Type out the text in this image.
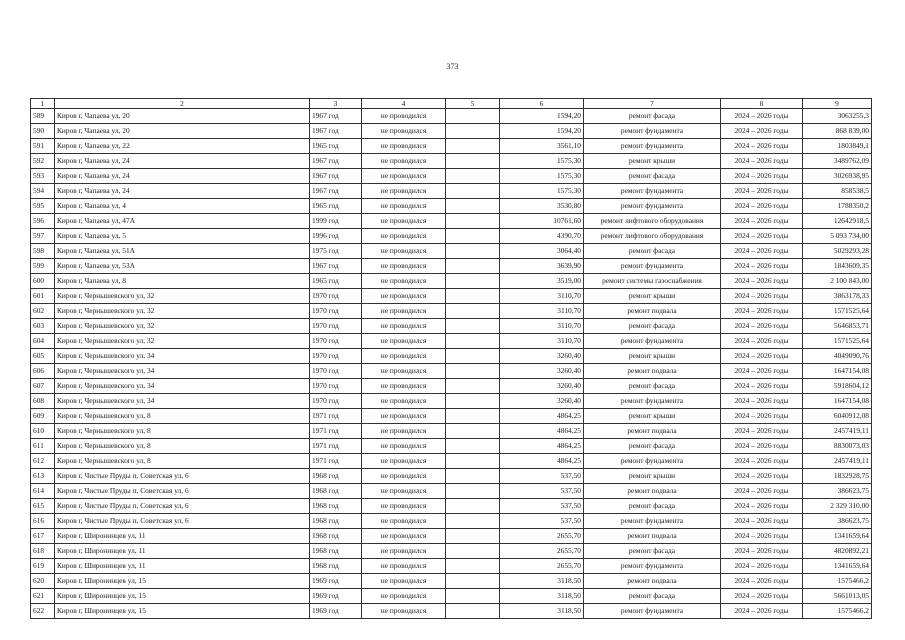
373
1	2	3	4	5	6	7	8	9
589	Киров г, Чапаева ул, 20	1967 год	не проводился		1594,20	ремонт фасада	2024 – 2026 годы	3063255,3
590	Киров г, Чапаева ул, 20	1967 год	не проводился		1594,20	ремонт фундамента	2024 – 2026 годы	868 839,00
591	Киров г, Чапаева ул, 22	1965 год	не проводился		3561,10	ремонт фундамента	2024 – 2026 годы	1803849,1
592	Киров г, Чапаева ул, 24	1967 год	не проводился		1575,30	ремонт крыши	2024 – 2026 годы	3489762,09
593	Киров г, Чапаева ул, 24	1967 год	не проводился		1575,30	ремонт фасада	2024 – 2026 годы	3026938,95
594	Киров г, Чапаева ул, 24	1967 год	не проводился		1575,30	ремонт фундамента	2024 – 2026 годы	858538,5
595	Киров г, Чапаева ул, 4	1965 год	не проводился		3530,80	ремонт фундамента	2024 – 2026 годы	1788350,2
596	Киров г, Чапаева ул, 47А	1999 год	не проводился		10761,60	ремонт лифтового оборудования	2024 – 2026 годы	12642918,5
597	Киров г, Чапаева ул, 5	1996 год	не проводился		4390,70	ремонт лифтового оборудования	2024 – 2026 годы	5 093 734,00
598	Киров г, Чапаева ул, 51А	1975 год	не проводился		3064,40	ремонт фасада	2024 – 2026 годы	5029293,28
599	Киров г, Чапаева ул, 53А	1967 год	не проводился		3639,90	ремонт фундамента	2024 – 2026 годы	1843609,35
600	Киров г, Чапаева ул, 8	1965 год	не проводился		3519,00	ремонт системы газоснабжения	2024 – 2026 годы	2 100 843,00
601	Киров г, Чернышевского ул, 32	1970 год	не проводился		3110,70	ремонт крыши	2024 – 2026 годы	3863178,33
602	Киров г, Чернышевского ул, 32	1970 год	не проводился		3110,70	ремонт подвала	2024 – 2026 годы	1571525,64
603	Киров г, Чернышевского ул, 32	1970 год	не проводился		3110,70	ремонт фасада	2024 – 2026 годы	5646853,71
604	Киров г, Чернышевского ул, 32	1970 год	не проводился		3110,70	ремонт фундамента	2024 – 2026 годы	1571525,64
605	Киров г, Чернышевского ул, 34	1970 год	не проводился		3260,40	ремонт крыши	2024 – 2026 годы	4049090,76
606	Киров г, Чернышевского ул, 34	1970 год	не проводился		3260,40	ремонт подвала	2024 – 2026 годы	1647154,08
607	Киров г, Чернышевского ул, 34	1970 год	не проводился		3260,40	ремонт фасада	2024 – 2026 годы	5918604,12
608	Киров г, Чернышевского ул, 34	1970 год	не проводился		3260,40	ремонт фундамента	2024 – 2026 годы	1647154,08
609	Киров г, Чернышевского ул, 8	1971 год	не проводился		4864,25	ремонт крыши	2024 – 2026 годы	6040912,08
610	Киров г, Чернышевского ул, 8	1971 год	не проводился		4864,25	ремонт подвала	2024 – 2026 годы	2457419,11
611	Киров г, Чернышевского ул, 8	1971 год	не проводился		4864,25	ремонт фасада	2024 – 2026 годы	8830073,03
612	Киров г, Чернышевского ул, 8	1971 год	не проводился		4864,25	ремонт фундамента	2024 – 2026 годы	2457419,11
613	Киров г, Чистые Пруды п, Советская ул, 6	1968 год	не проводился		537,50	ремонт крыши	2024 – 2026 годы	1832928,75
614	Киров г, Чистые Пруды п, Советская ул, 6	1968 год	не проводился		537,50	ремонт подвала	2024 – 2026 годы	386623,75
615	Киров г, Чистые Пруды п, Советская ул, 6	1968 год	не проводился		537,50	ремонт фасада	2024 – 2026 годы	2 329 310,00
616	Киров г, Чистые Пруды п, Советская ул, 6	1968 год	не проводился		537,50	ремонт фундамента	2024 – 2026 годы	386623,75
617	Киров г, Широнинцев ул, 11	1968 год	не проводился		2655,70	ремонт подвала	2024 – 2026 годы	1341659,64
618	Киров г, Широнинцев ул, 11	1968 год	не проводился		2655,70	ремонт фасада	2024 – 2026 годы	4820892,21
619	Киров г, Широнинцев ул, 11	1968 год	не проводился		2655,70	ремонт фундамента	2024 – 2026 годы	1341659,64
620	Киров г, Широнинцев ул, 15	1969 год	не проводился		3118,50	ремонт подвала	2024 – 2026 годы	1575466,2
621	Киров г, Широнинцев ул, 15	1969 год	не проводился		3118,50	ремонт фасада	2024 – 2026 годы	5661013,05
622	Киров г, Широнинцев ул, 15	1969 год	не проводился		3118,50	ремонт фундамента	2024 – 2026 годы	1575466,2
